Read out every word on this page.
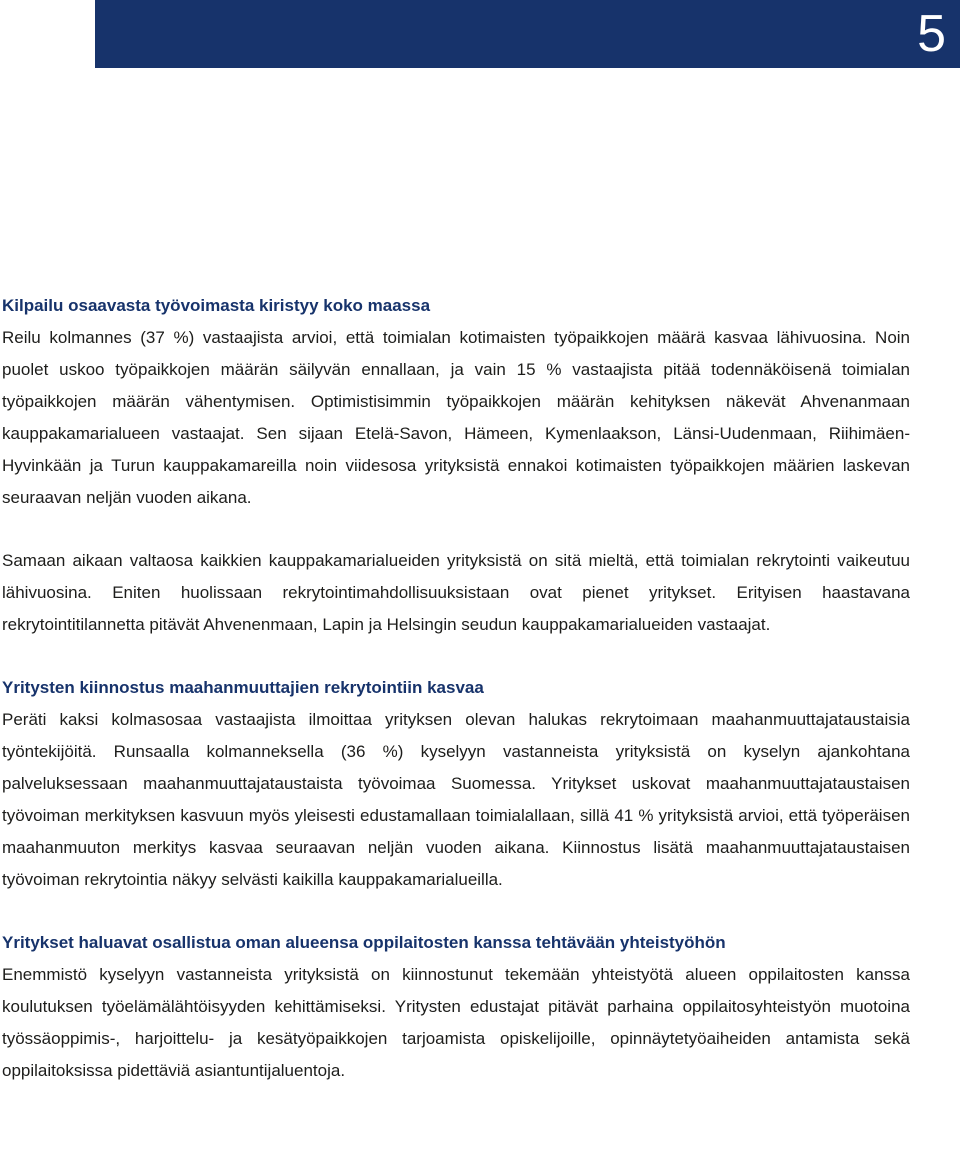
5
Kilpailu osaavasta työvoimasta kiristyy koko maassa

Reilu kolmannes (37 %) vastaajista arvioi, että toimialan kotimaisten työpaikkojen määrä kasvaa lähivuosina. Noin puolet uskoo työpaikkojen määrän säilyvän ennallaan, ja vain 15 % vastaajista pitää todennäköisenä toimialan työpaikkojen määrän vähentymisen. Optimistisimmin työpaikkojen määrän kehityksen näkevät Ahvenanmaan kauppakamarialueen vastaajat. Sen sijaan Etelä-Savon, Hämeen, Kymenlaakson, Länsi-Uudenmaan, Riihimäen-Hyvinkään ja Turun kauppakamareilla noin viidesosa yrityksistä ennakoi kotimaisten työpaikkojen määrien laskevan seuraavan neljän vuoden aikana.

Samaan aikaan valtaosa kaikkien kauppakamarialueiden yrityksistä on sitä mieltä, että toimialan rekrytointi vaikeutuu lähivuosina. Eniten huolissaan rekrytointimahdollisuuksistaan ovat pienet yritykset. Erityisen haastavana rekrytointitilannetta pitävät Ahvenenmaan, Lapin ja Helsingin seudun kauppakamarialueiden vastaajat.

Yritysten kiinnostus maahanmuuttajien rekrytointiin kasvaa

Peräti kaksi kolmasosaa vastaajista ilmoittaa yrityksen olevan halukas rekrytoimaan maahanmuuttajataustaisia työntekijöitä. Runsaalla kolmanneksella (36 %) kyselyyn vastanneista yrityksistä on kyselyn ajankohtana palveluksessaan maahanmuuttajataustaista työvoimaa Suomessa. Yritykset uskovat maahanmuuttajataustaisen työvoiman merkityksen kasvuun myös yleisesti edustamallaan toimialallaan, sillä 41 % yrityksistä arvioi, että työperäisen maahanmuuton merkitys kasvaa seuraavan neljän vuoden aikana. Kiinnostus lisätä maahanmuuttajataustaisen työvoiman rekrytointia näkyy selvästi kaikilla kauppakamarialueilla.

Yritykset haluavat osallistua oman alueensa oppilaitosten kanssa tehtävään yhteistyöhön

Enemmistö kyselyyn vastanneista yrityksistä on kiinnostunut tekemään yhteistyötä alueen oppilaitosten kanssa koulutuksen työelämälähtöisyyden kehittämiseksi. Yritysten edustajat pitävät parhaina oppilaitosyhteistyön muotoina työssäoppimis-, harjoittelu- ja kesätyöpaikkojen tarjoamista opiskelijoille, opinnäytetyöaiheiden antamista sekä oppilaitoksissa pidettäviä asiantuntijaluentoja.
